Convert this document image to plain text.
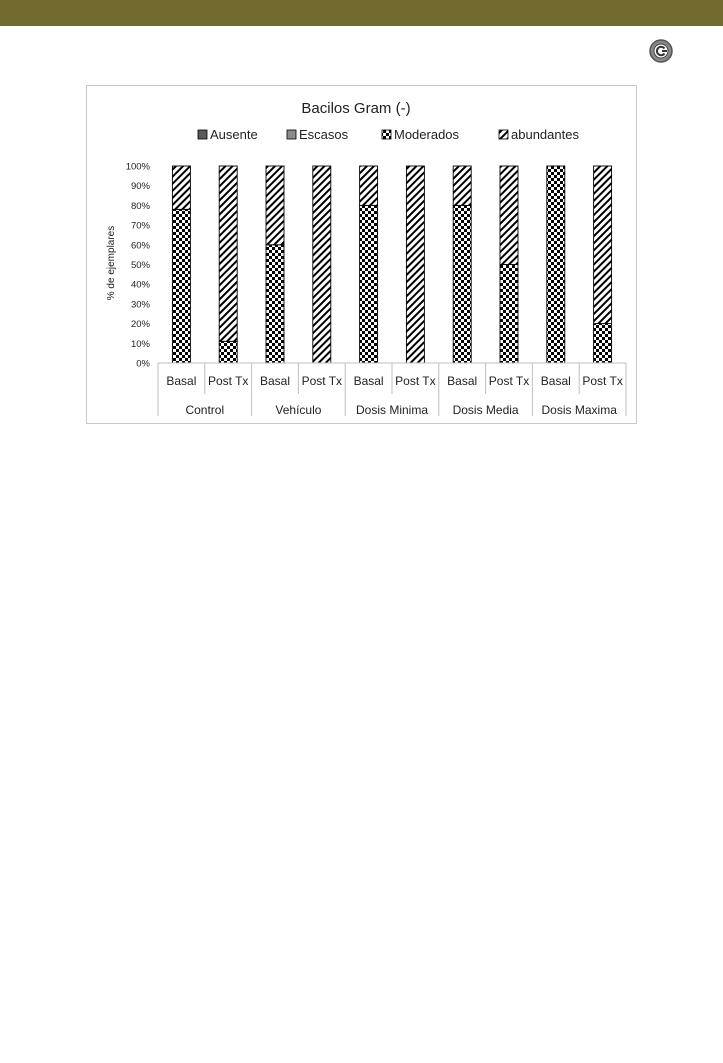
Bacilos Gram (-)
Ausente	Escasos	Moderados	abundantes
% de ejemplares
0%
10%
20%
30%
40%
50%
60%
70%
80%
90%
100%
Basal Post Tx Basal Post Tx Basal Post Tx Basal Post Tx Basal Post Tx
Control	Vehículo	Dosis Minima Dosis Media Dosis Maxima
